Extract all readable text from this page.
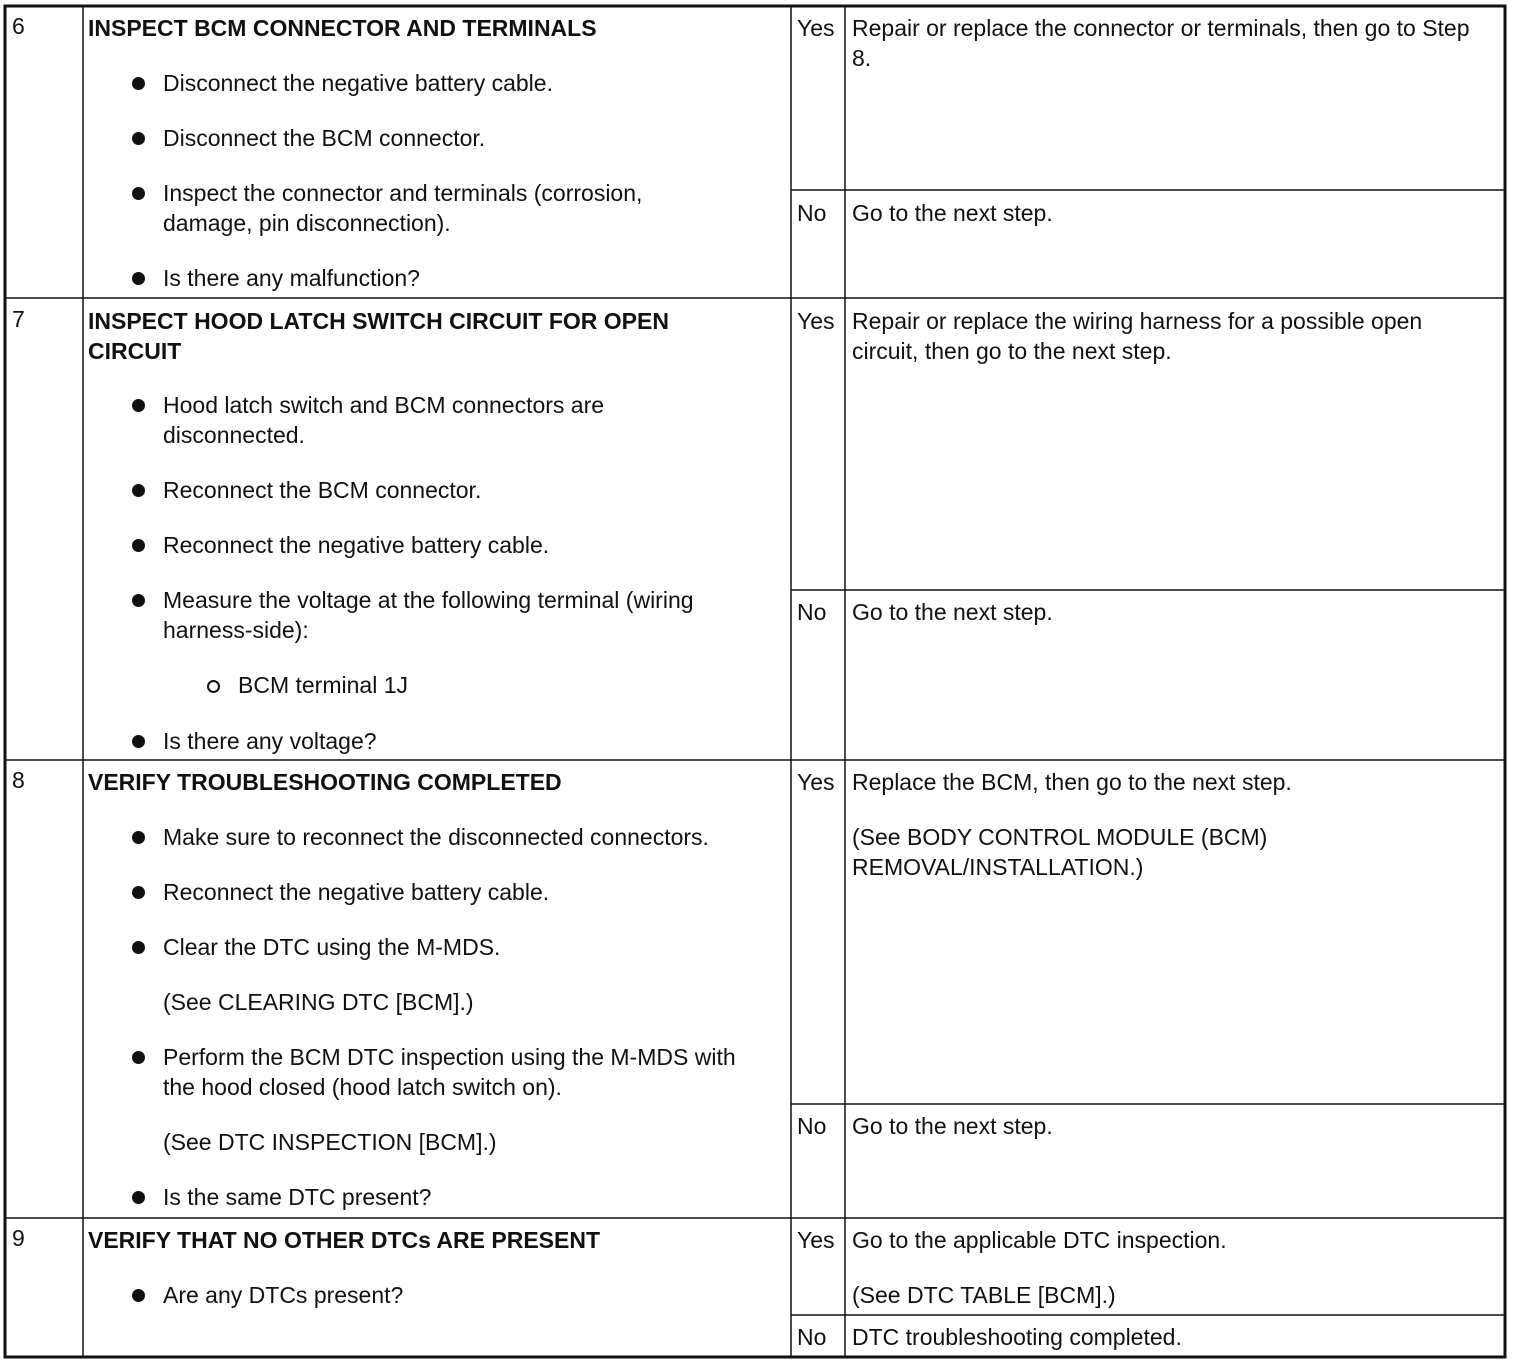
6	INSPECT BCM CONNECTOR AND TERMINALS
Disconnect the negative battery cable.
Disconnect the BCM connector.
Inspect the connector and terminals (corrosion, damage, pin disconnection).
Is there any malfunction?
Yes Repair or replace the connector or terminals, then go to Step 8.
No Go to the next step.
7	INSPECT HOOD LATCH SWITCH CIRCUIT FOR OPEN CIRCUIT
Hood latch switch and BCM connectors are disconnected.
Reconnect the BCM connector.
Reconnect the negative battery cable.
Measure the voltage at the following terminal (wiring harness-side):
BCM terminal 1J
Is there any voltage?
Yes Repair or replace the wiring harness for a possible open circuit, then go to the next step.
No Go to the next step.
8	VERIFY TROUBLESHOOTING COMPLETED
Make sure to reconnect the disconnected connectors.
Reconnect the negative battery cable.
Clear the DTC using the M-MDS.
(See CLEARING DTC [BCM].)
Perform the BCM DTC inspection using the M-MDS with the hood closed (hood latch switch on).
(See DTC INSPECTION [BCM].)
Is the same DTC present?
Yes Replace the BCM, then go to the next step.
(See BODY CONTROL MODULE (BCM) REMOVAL/INSTALLATION.)
No Go to the next step.
9	VERIFY THAT NO OTHER DTCs ARE PRESENT
Are any DTCs present?
Yes Go to the applicable DTC inspection.
(See DTC TABLE [BCM].)
No DTC troubleshooting completed.
